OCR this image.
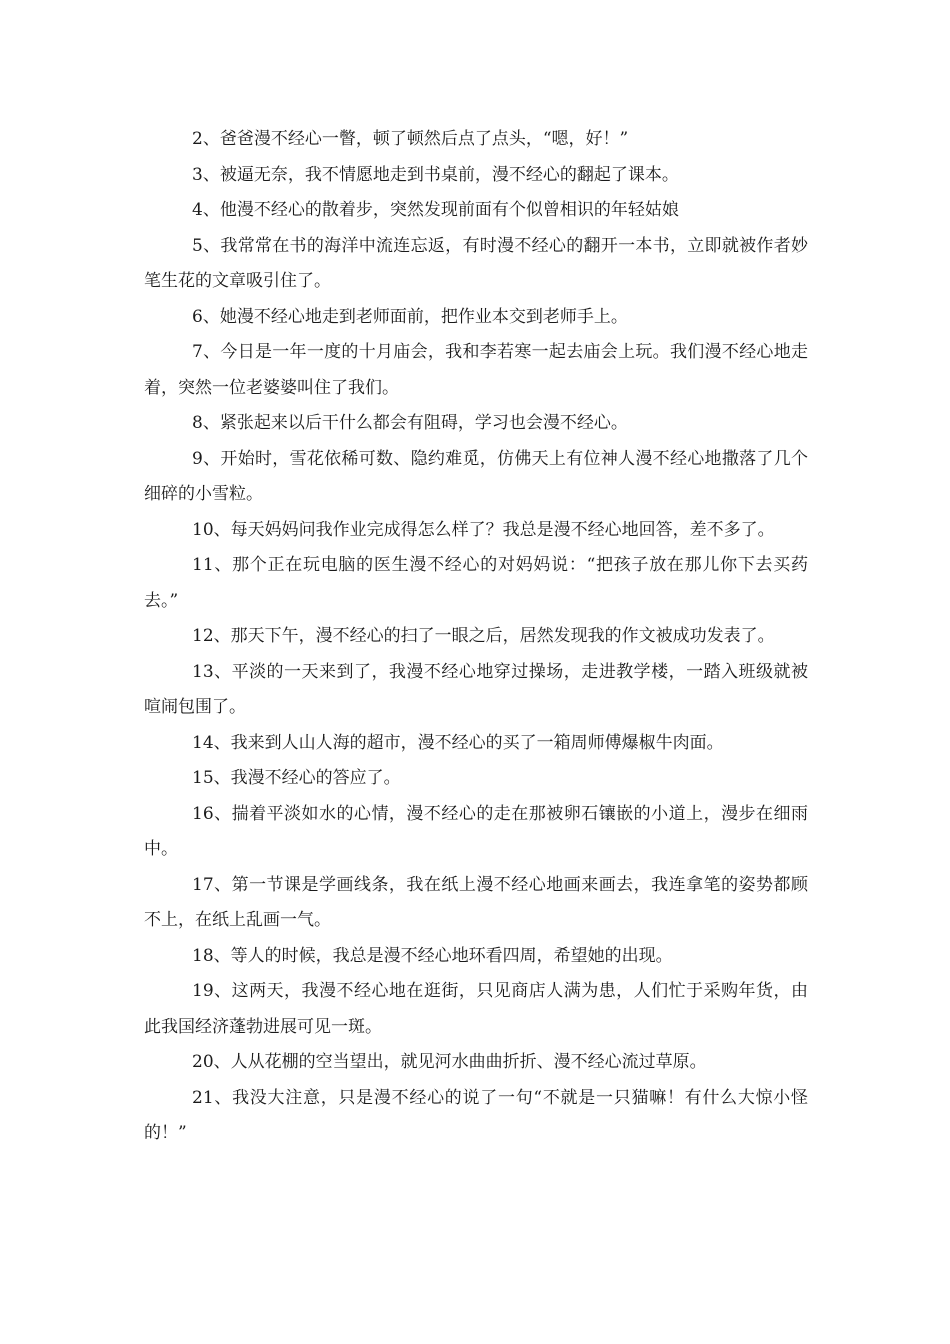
2、爸爸漫不经心一瞥，顿了顿然后点了点头，“嗯，好！”

3、被逼无奈，我不情愿地走到书桌前，漫不经心的翻起了课本。

4、他漫不经心的散着步，突然发现前面有个似曾相识的年轻姑娘

5、我常常在书的海洋中流连忘返，有时漫不经心的翻开一本书，立即就被作者妙笔生花的文章吸引住了。

6、她漫不经心地走到老师面前，把作业本交到老师手上。

7、今日是一年一度的十月庙会，我和李若寒一起去庙会上玩。我们漫不经心地走着，突然一位老婆婆叫住了我们。

8、紧张起来以后干什么都会有阻碍，学习也会漫不经心。

9、开始时，雪花依稀可数、隐约难觅，仿佛天上有位神人漫不经心地撒落了几个细碎的小雪粒。

10、每天妈妈问我作业完成得怎么样了？我总是漫不经心地回答，差不多了。

11、那个正在玩电脑的医生漫不经心的对妈妈说：“把孩子放在那儿你下去买药去。”

12、那天下午，漫不经心的扫了一眼之后，居然发现我的作文被成功发表了。

13、平淡的一天来到了，我漫不经心地穿过操场，走进教学楼，一踏入班级就被喧闹包围了。

14、我来到人山人海的超市，漫不经心的买了一箱周师傅爆椒牛肉面。

15、我漫不经心的答应了。

16、揣着平淡如水的心情，漫不经心的走在那被卵石镶嵌的小道上，漫步在细雨中。

17、第一节课是学画线条，我在纸上漫不经心地画来画去，我连拿笔的姿势都顾不上，在纸上乱画一气。

18、等人的时候，我总是漫不经心地环看四周，希望她的出现。

19、这两天，我漫不经心地在逛街，只见商店人满为患，人们忙于采购年货，由此我国经济蓬勃进展可见一斑。

20、人从花棚的空当望出，就见河水曲曲折折、漫不经心流过草原。

21、我没大注意，只是漫不经心的说了一句“不就是一只猫嘛！有什么大惊小怪的！”
